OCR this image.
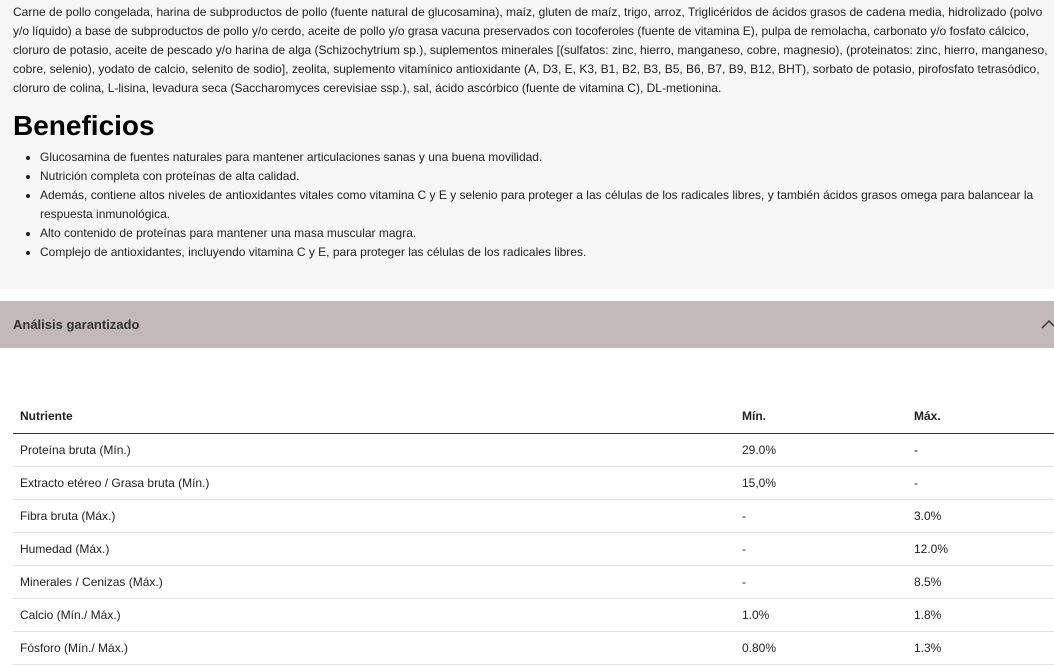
Carne de pollo congelada, harina de subproductos de pollo (fuente natural de glucosamina), maíz, gluten de maíz, trigo, arroz, Triglicéridos de ácidos grasos de cadena media, hidrolizado (polvo y/o líquido) a base de subproductos de pollo y/o cerdo, aceite de pollo y/o grasa vacuna preservados con tocoferoles (fuente de vitamina E), pulpa de remolacha, carbonato y/o fosfato cálcico, cloruro de potasio, aceite de pescado y/o harina de alga (Schizochytrium sp.), suplementos minerales [(sulfatos: zinc, hierro, manganeso, cobre, magnesio), (proteinatos: zinc, hierro, manganeso, cobre, selenio), yodato de calcio, selenito de sodio], zeolita, suplemento vitamínico antioxidante (A, D3, E, K3, B1, B2, B3, B5, B6, B7, B9, B12, BHT), sorbato de potasio, pirofosfato tetrasódico, cloruro de colina, L-lisina, levadura seca (Saccharomyces cerevisiae ssp.), sal, ácido ascórbico (fuente de vitamina C), DL-metionina.

Beneficios
• Glucosamina de fuentes naturales para mantener articulaciones sanas y una buena movilidad.
• Nutrición completa con proteínas de alta calidad.
• Además, contiene altos niveles de antioxidantes vitales como vitamina C y E y selenio para proteger a las células de los radicales libres, y también ácidos grasos omega para balancear la respuesta inmunológica.
• Alto contenido de proteínas para mantener una masa muscular magra.
• Complejo de antioxidantes, incluyendo vitamina C y E, para proteger las células de los radicales libres.
Análisis garantizado
Nutriente	Mín.	Máx.
Proteína bruta (Mín.)	29.0%	-
Extracto etéreo / Grasa bruta (Mín.)	15,0%	-
Fibra bruta (Máx.)	-	3.0%
Humedad (Máx.)	-	12.0%
Minerales / Cenizas (Máx.)	-	8.5%
Calcio (Mín./ Máx.)	1.0%	1.8%
Fósforo (Mín./ Máx.)	0.80%	1.3%
